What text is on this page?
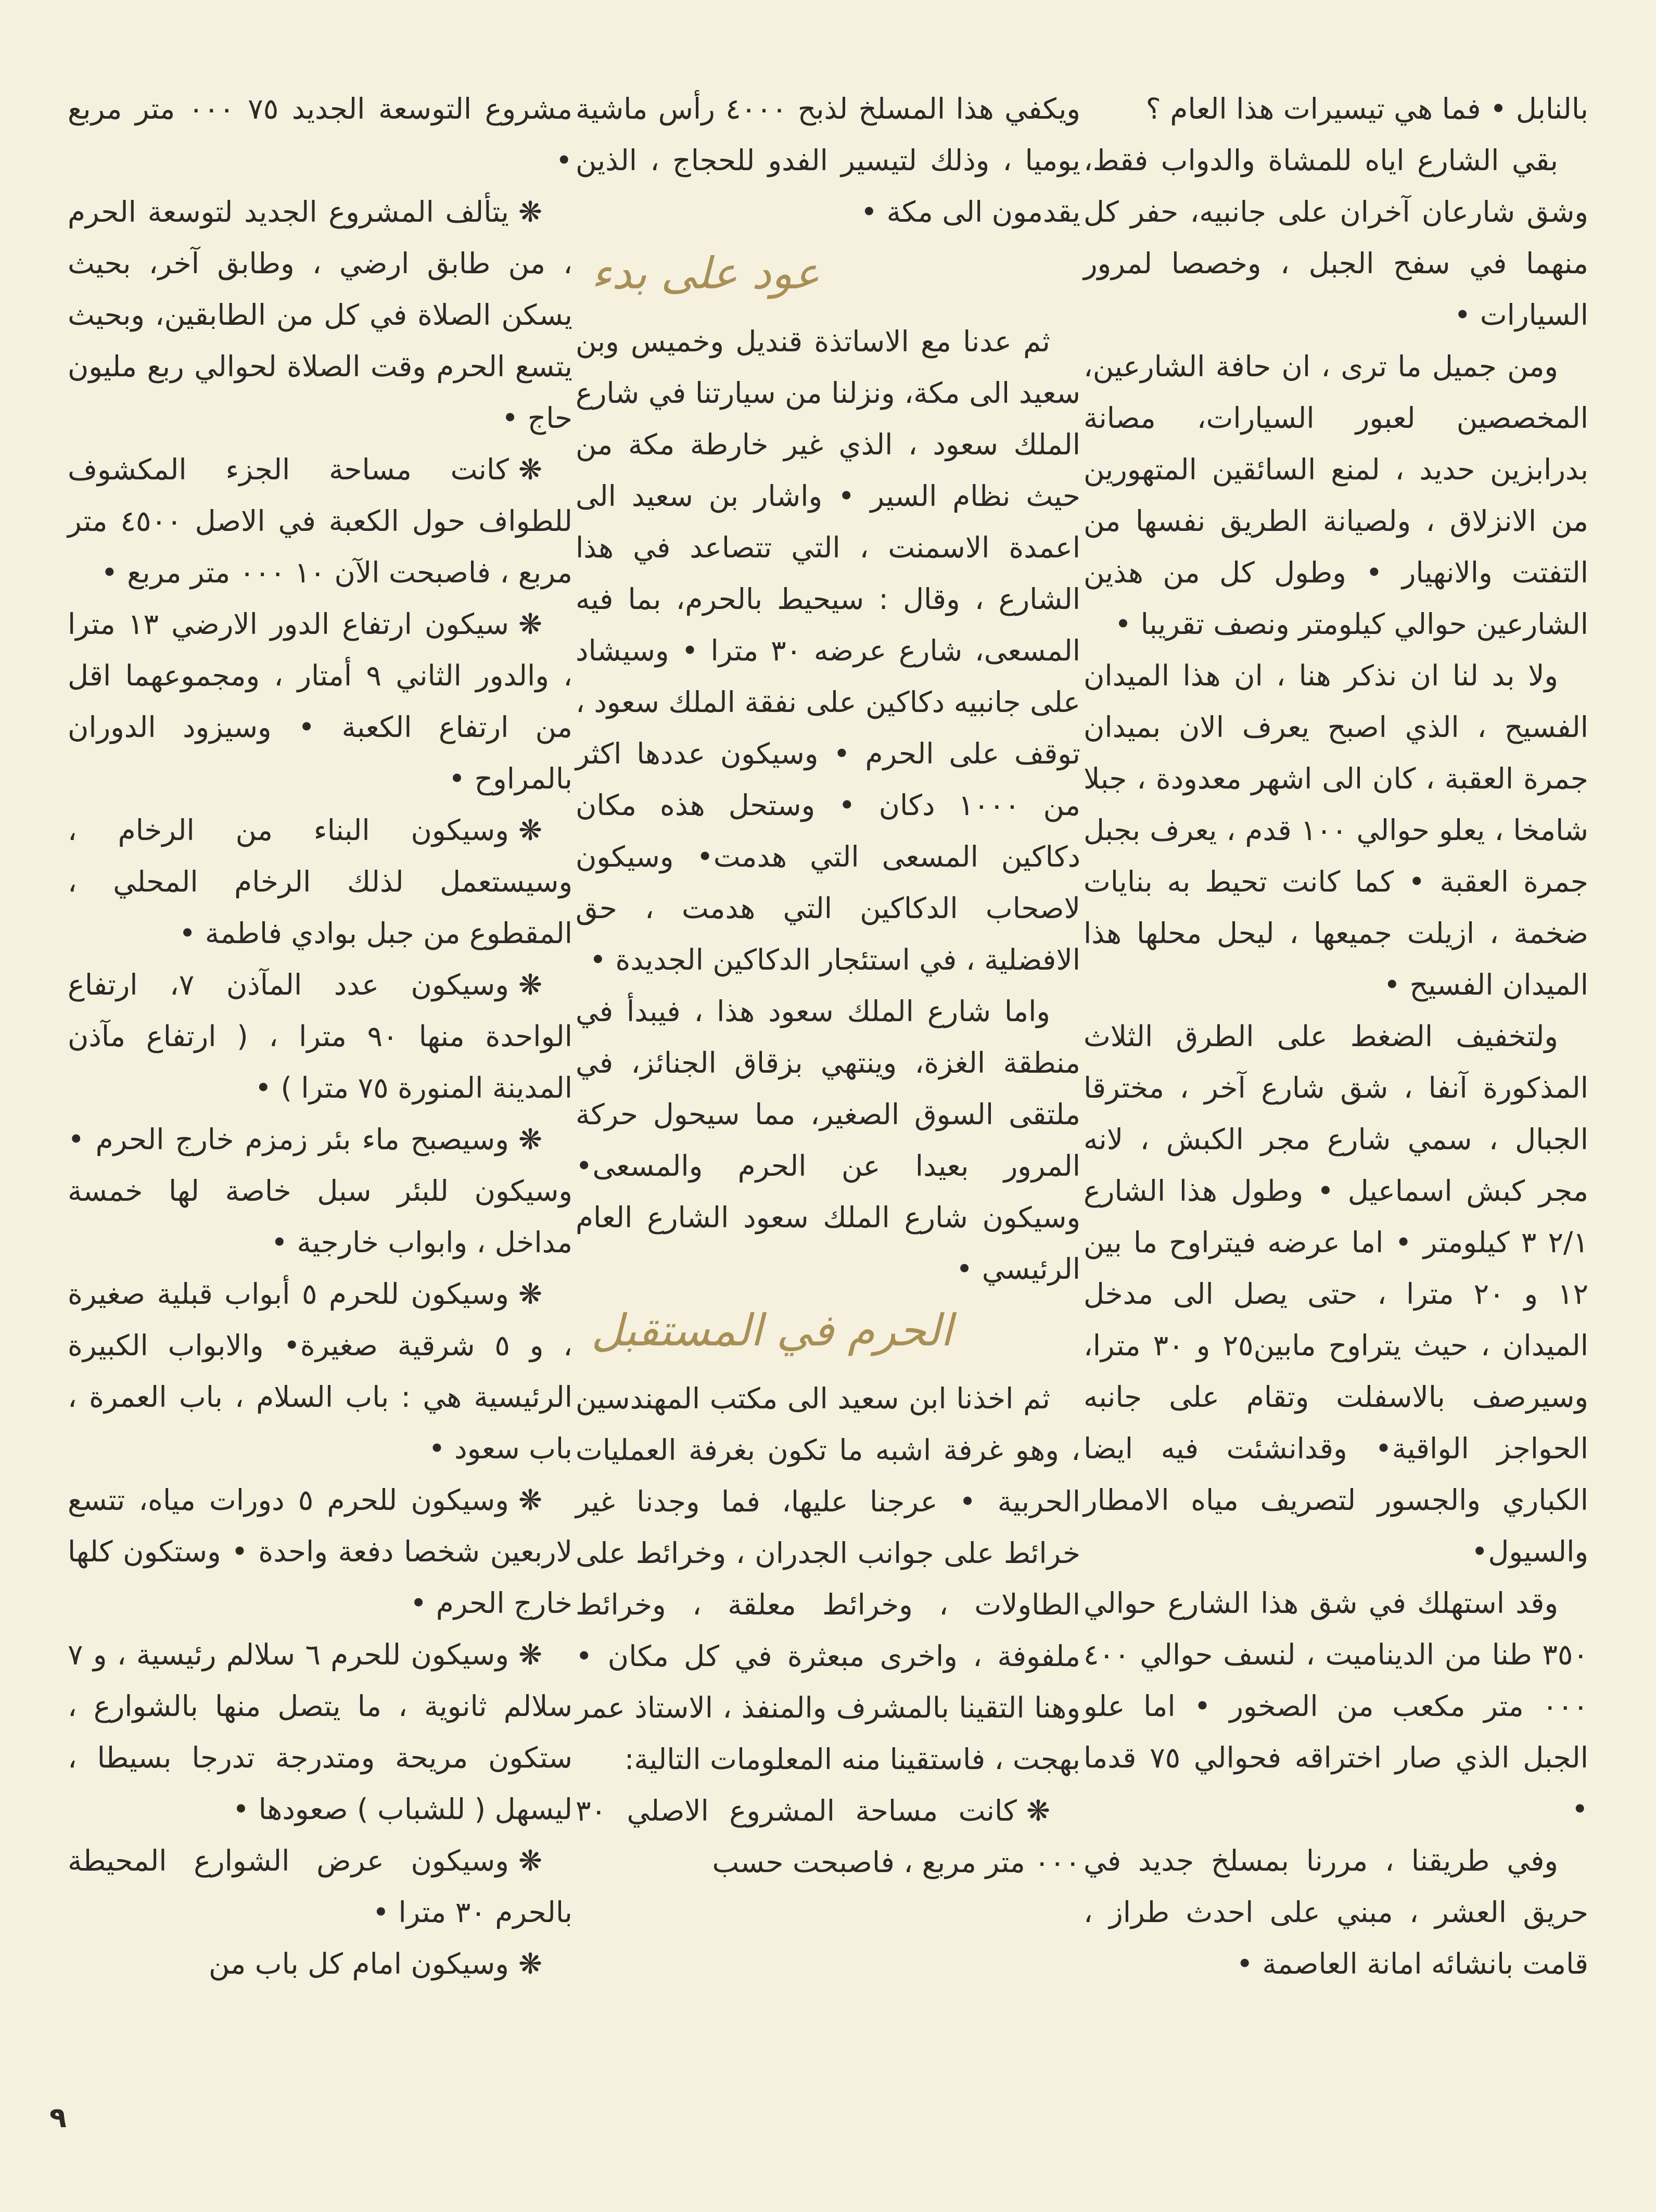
بالنابل • فما هي تيسيرات هذا العام ؟

بقي الشارع اياه للمشاة والدواب فقط، وشق شارعان آخران على جانبيه، حفر كل منهما في سفح الجبل ، وخصصا لمرور السيارات •

ومن جميل ما ترى ، ان حافة الشارعين، المخصصين لعبور السيارات، مصانة بدرابزين حديد ، لمنع السائقين المتهورين من الانزلاق ، ولصيانة الطريق نفسها من التفتت والانهيار • وطول كل من هذين الشارعين حوالي كيلومتر ونصف تقريبا •

ولا بد لنا ان نذكر هنا ، ان هذا الميدان الفسيح ، الذي اصبح يعرف الان بميدان جمرة العقبة ، كان الى اشهر معدودة ، جبلا شامخا ، يعلو حوالي ١٠٠ قدم ، يعرف بجبل جمرة العقبة • كما كانت تحيط به بنايات ضخمة ، ازيلت جميعها ، ليحل محلها هذا الميدان الفسيح •

ولتخفيف الضغط على الطرق الثلاث المذكورة آنفا ، شق شارع آخر ، مخترقا الجبال ، سمي شارع مجر الكبش ، لانه مجر كبش اسماعيل • وطول هذا الشارع ٢/١ ٣ كيلومتر • اما عرضه فيتراوح ما بين ١٢ و ٢٠ مترا ، حتى يصل الى مدخل الميدان ، حيث يتراوح مابين٢٥ و ٣٠ مترا، وسيرصف بالاسفلت وتقام على جانبه الحواجز الواقية• وقدانشئت فيه ايضا الكباري والجسور لتصريف مياه الامطار والسيول•

وقد استهلك في شق هذا الشارع حوالي ٣٥٠ طنا من الديناميت ، لنسف حوالي ٤٠٠ ٠٠٠ متر مكعب من الصخور • اما علو الجبل الذي صار اختراقه فحوالي ٧٥ قدما •

وفي طريقنا ، مررنا بمسلخ جديد في حريق العشر ، مبني على احدث طراز ، قامت بانشائه امانة العاصمة •

ويكفي هذا المسلخ لذبح ٤٠٠٠ رأس ماشية يوميا ، وذلك لتيسير الفدو للحجاج ، الذين يقدمون الى مكة •

عود على بدء

ثم عدنا مع الاساتذة قنديل وخميس وبن سعيد الى مكة، ونزلنا من سيارتنا في شارع الملك سعود ، الذي غير خارطة مكة من حيث نظام السير • واشار بن سعيد الى اعمدة الاسمنت ، التي تتصاعد في هذا الشارع ، وقال : سيحيط بالحرم، بما فيه المسعى، شارع عرضه ٣٠ مترا • وسيشاد على جانبيه دكاكين على نفقة الملك سعود ، توقف على الحرم • وسيكون عددها اكثر من ١٠٠٠ دكان • وستحل هذه مكان دكاكين المسعى التي هدمت• وسيكون لاصحاب الدكاكين التي هدمت ، حق الافضلية ، في استئجار الدكاكين الجديدة •

واما شارع الملك سعود هذا ، فيبدأ في منطقة الغزة، وينتهي بزقاق الجنائز، في ملتقى السوق الصغير، مما سيحول حركة المرور بعيدا عن الحرم والمسعى• وسيكون شارع الملك سعود الشارع العام الرئيسي •

الحرم في المستقبل

ثم اخذنا ابن سعيد الى مكتب المهندسين ، وهو غرفة اشبه ما تكون بغرفة العمليات الحربية • عرجنا عليها، فما وجدنا غير خرائط على جوانب الجدران ، وخرائط على الطاولات ، وخرائط معلقة ، وخرائط ملفوفة ، واخرى مبعثرة في كل مكان • وهنا التقينا بالمشرف والمنفذ ، الاستاذ عمر بهجت ، فاستقينا منه المعلومات التالية:

❋كانت مساحة المشروع الاصلي ٣٠ ٠٠٠ متر مربع ، فاصبحت حسب

مشروع التوسعة الجديد ٧٥ ٠٠٠ متر مربع •

❋يتألف المشروع الجديد لتوسعة الحرم ، من طابق ارضي ، وطابق آخر، بحيث يسكن الصلاة في كل من الطابقين، وبحيث يتسع الحرم وقت الصلاة لحوالي ربع مليون حاج •

❋كانت مساحة الجزء المكشوف للطواف حول الكعبة في الاصل ٤٥٠٠ متر مربع ، فاصبحت الآن ١٠ ٠٠٠ متر مربع •

❋سيكون ارتفاع الدور الارضي ١٣ مترا ، والدور الثاني ٩ أمتار ، ومجموعهما اقل من ارتفاع الكعبة • وسيزود الدوران بالمراوح •

❋وسيكون البناء من الرخام ، وسيستعمل لذلك الرخام المحلي ، المقطوع من جبل بوادي فاطمة •

❋وسيكون عدد المآذن ٧، ارتفاع الواحدة منها ٩٠ مترا ، ( ارتفاع مآذن المدينة المنورة ٧٥ مترا ) •

❋وسيصبح ماء بئر زمزم خارج الحرم • وسيكون للبئر سبل خاصة لها خمسة مداخل ، وابواب خارجية •

❋وسيكون للحرم ٥ أبواب قبلية صغيرة ، و ٥ شرقية صغيرة• والابواب الكبيرة الرئيسية هي : باب السلام ، باب العمرة ، باب سعود •

❋وسيكون للحرم ٥ دورات مياه، تتسع لاربعين شخصا دفعة واحدة • وستكون كلها خارج الحرم •

❋وسيكون للحرم ٦ سلالم رئيسية ، و ٧ سلالم ثانوية ، ما يتصل منها بالشوارع ، ستكون مريحة ومتدرجة تدرجا بسيطا ، ليسهل ( للشباب ) صعودها •

❋وسيكون عرض الشوارع المحيطة بالحرم ٣٠ مترا •

❋وسيكون امام كل باب من

٩
